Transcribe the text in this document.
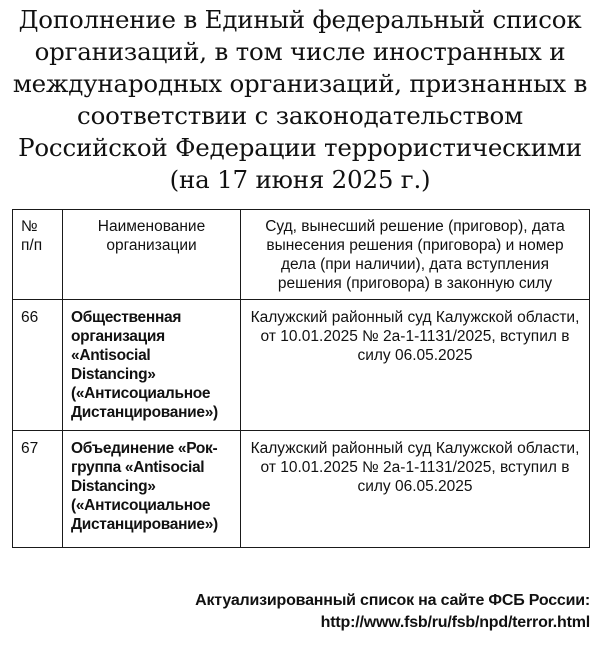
Дополнение в Единый федеральный список организаций, в том числе иностранных и международных организаций, признанных в соответствии с законодательством Российской Федерации террористическими (на 17 июня 2025 г.)
№ п/п	Наименование организации	Суд, вынесший решение (приговор), дата вынесения решения (приговора) и номер дела (при наличии), дата вступления решения (приговора) в законную силу
66	Общественная организация «Antisocial Distancing» («Антисоциальное Дистанцирование»)	Калужский районный суд Калужской области, от 10.01.2025 № 2а-1-1131/2025, вступил в силу 06.05.2025
67	Объединение «Рок-группа «Antisocial Distancing» («Антисоциальное Дистанцирование»)	Калужский районный суд Калужской области, от 10.01.2025 № 2а-1-1131/2025, вступил в силу 06.05.2025

Актуализированный список на сайте ФСБ России: http://www.fsb/ru/fsb/npd/terror.html
